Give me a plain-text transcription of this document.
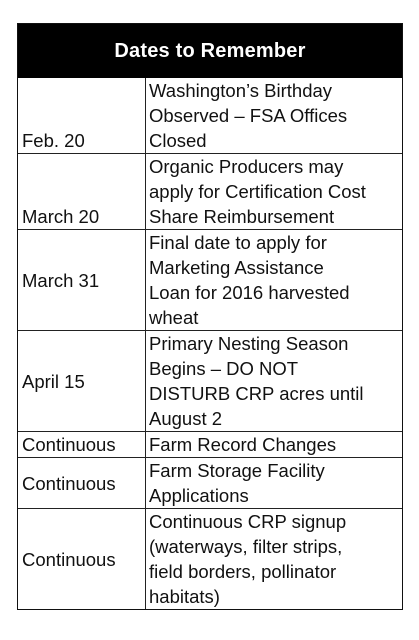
Dates to Remember
Feb. 20	Washington’s Birthday
Observed – FSA Offices
Closed

March 20	Organic Producers may
apply for Certification Cost
Share Reimbursement

March 31	Final date to apply for
Marketing Assistance
Loan for 2016 harvested
wheat

April 15	Primary Nesting Season
Begins – DO NOT
DISTURB CRP acres until
August 2

Continuous	Farm Record Changes

Continuous	Farm Storage Facility
Applications

Continuous	Continuous CRP signup
(waterways, filter strips,
field borders, pollinator
habitats)
